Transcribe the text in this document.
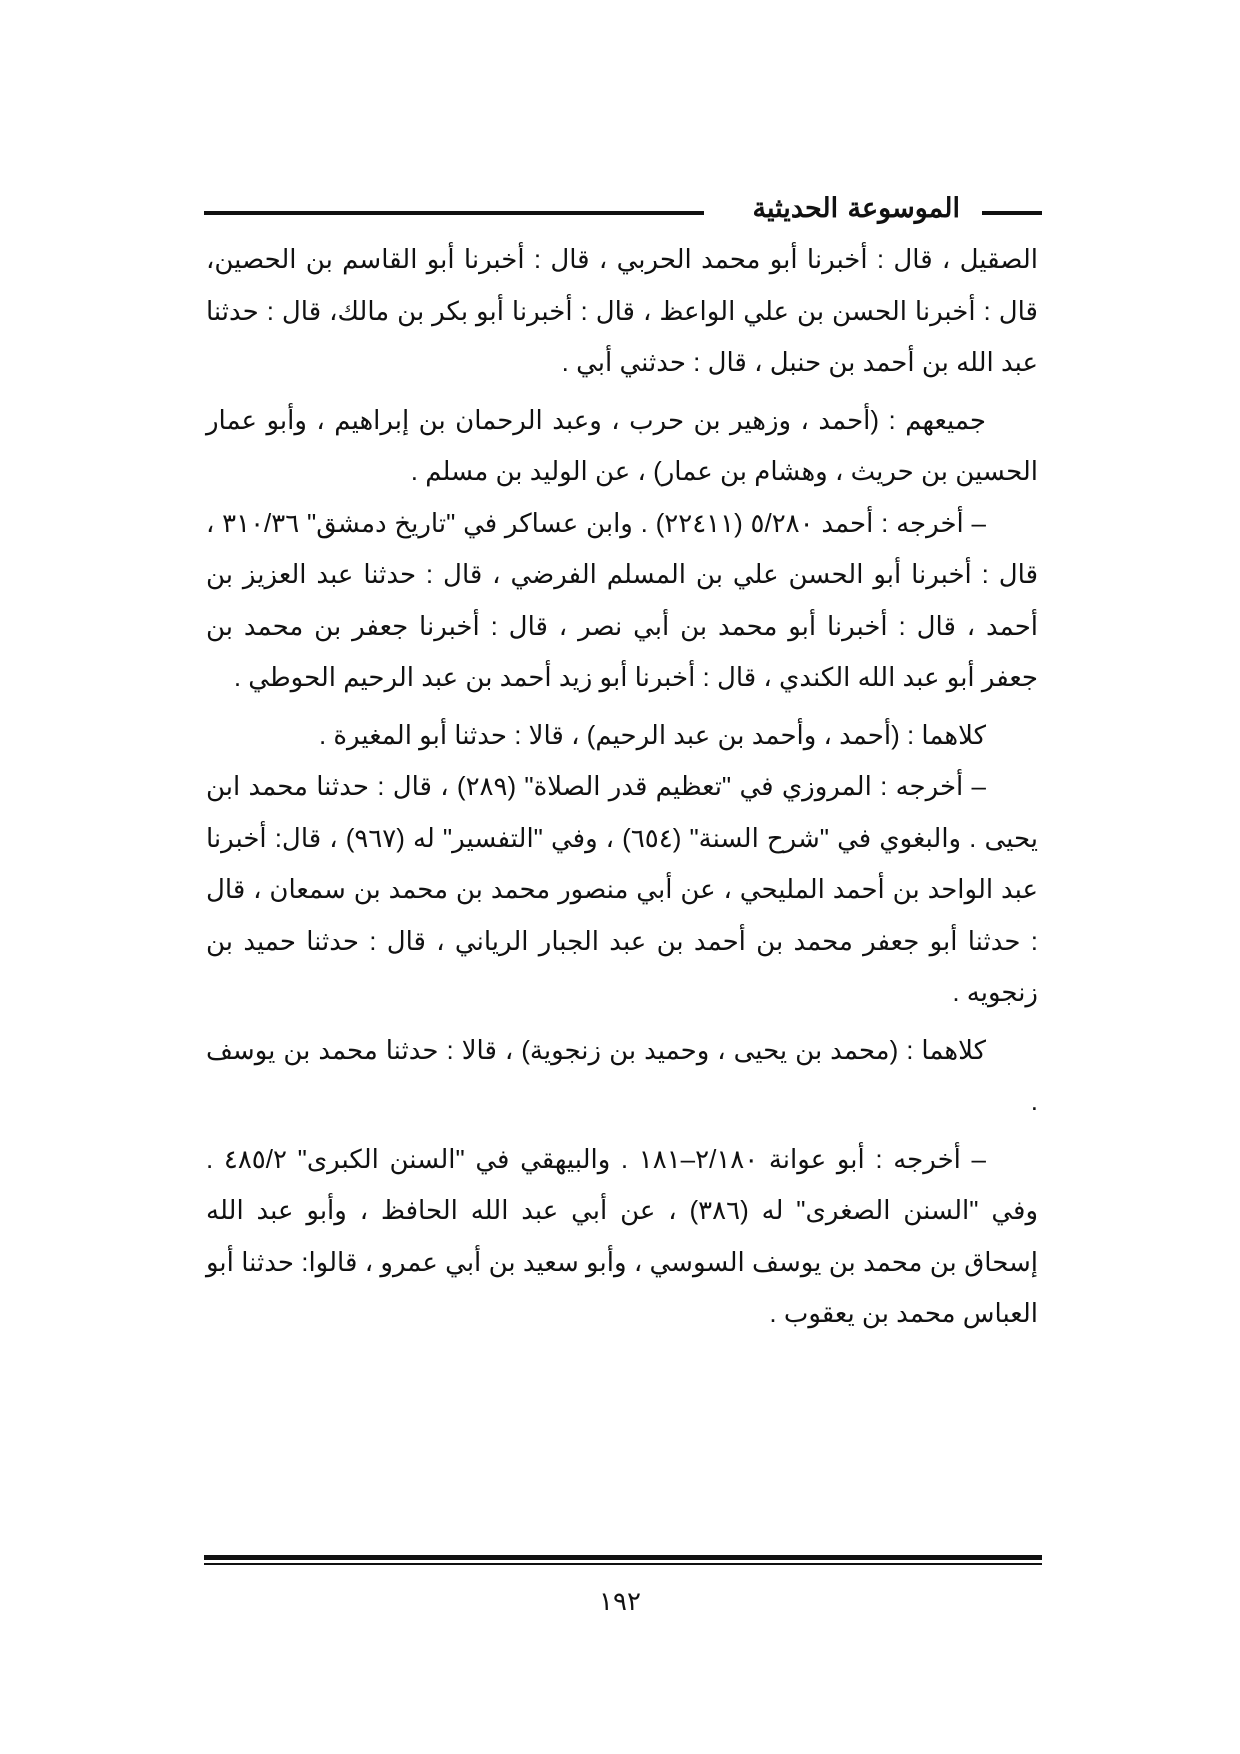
الموسوعة الحديثية

الصقيل ، قال : أخبرنا أبو محمد الحربي ، قال : أخبرنا أبو القاسم بن الحصين، قال : أخبرنا الحسن بن علي الواعظ ، قال : أخبرنا أبو بكر بن مالك، قال : حدثنا عبد الله بن أحمد بن حنبل ، قال : حدثني أبي .

جميعهم : (أحمد ، وزهير بن حرب ، وعبد الرحمان بن إبراهيم ، وأبو عمار الحسين بن حريث ، وهشام بن عمار) ، عن الوليد بن مسلم .

– أخرجه : أحمد ٥/٢٨٠ (٢٢٤١١) . وابن عساكر في "تاريخ دمشق" ٣١٠/٣٦ ، قال : أخبرنا أبو الحسن علي بن المسلم الفرضي ، قال : حدثنا عبد العزيز بن أحمد ، قال : أخبرنا أبو محمد بن أبي نصر ، قال : أخبرنا جعفر بن محمد بن جعفر أبو عبد الله الكندي ، قال : أخبرنا أبو زيد أحمد بن عبد الرحيم الحوطي .

كلاهما : (أحمد ، وأحمد بن عبد الرحيم) ، قالا : حدثنا أبو المغيرة .

– أخرجه : المروزي في "تعظيم قدر الصلاة" (٢٨٩) ، قال : حدثنا محمد ابن يحيى . والبغوي في "شرح السنة" (٦٥٤) ، وفي "التفسير" له (٩٦٧) ، قال: أخبرنا عبد الواحد بن أحمد المليحي ، عن أبي منصور محمد بن محمد بن سمعان ، قال : حدثنا أبو جعفر محمد بن أحمد بن عبد الجبار الرياني ، قال : حدثنا حميد بن زنجويه .

كلاهما : (محمد بن يحيى ، وحميد بن زنجوية) ، قالا : حدثنا محمد بن يوسف .

– أخرجه : أبو عوانة ٢/١٨٠–١٨١ . والبيهقي في "السنن الكبرى" ٤٨٥/٢ . وفي "السنن الصغرى" له (٣٨٦) ، عن أبي عبد الله الحافظ ، وأبو عبد الله إسحاق بن محمد بن يوسف السوسي ، وأبو سعيد بن أبي عمرو ، قالوا: حدثنا أبو العباس محمد بن يعقوب .

١٩٢
